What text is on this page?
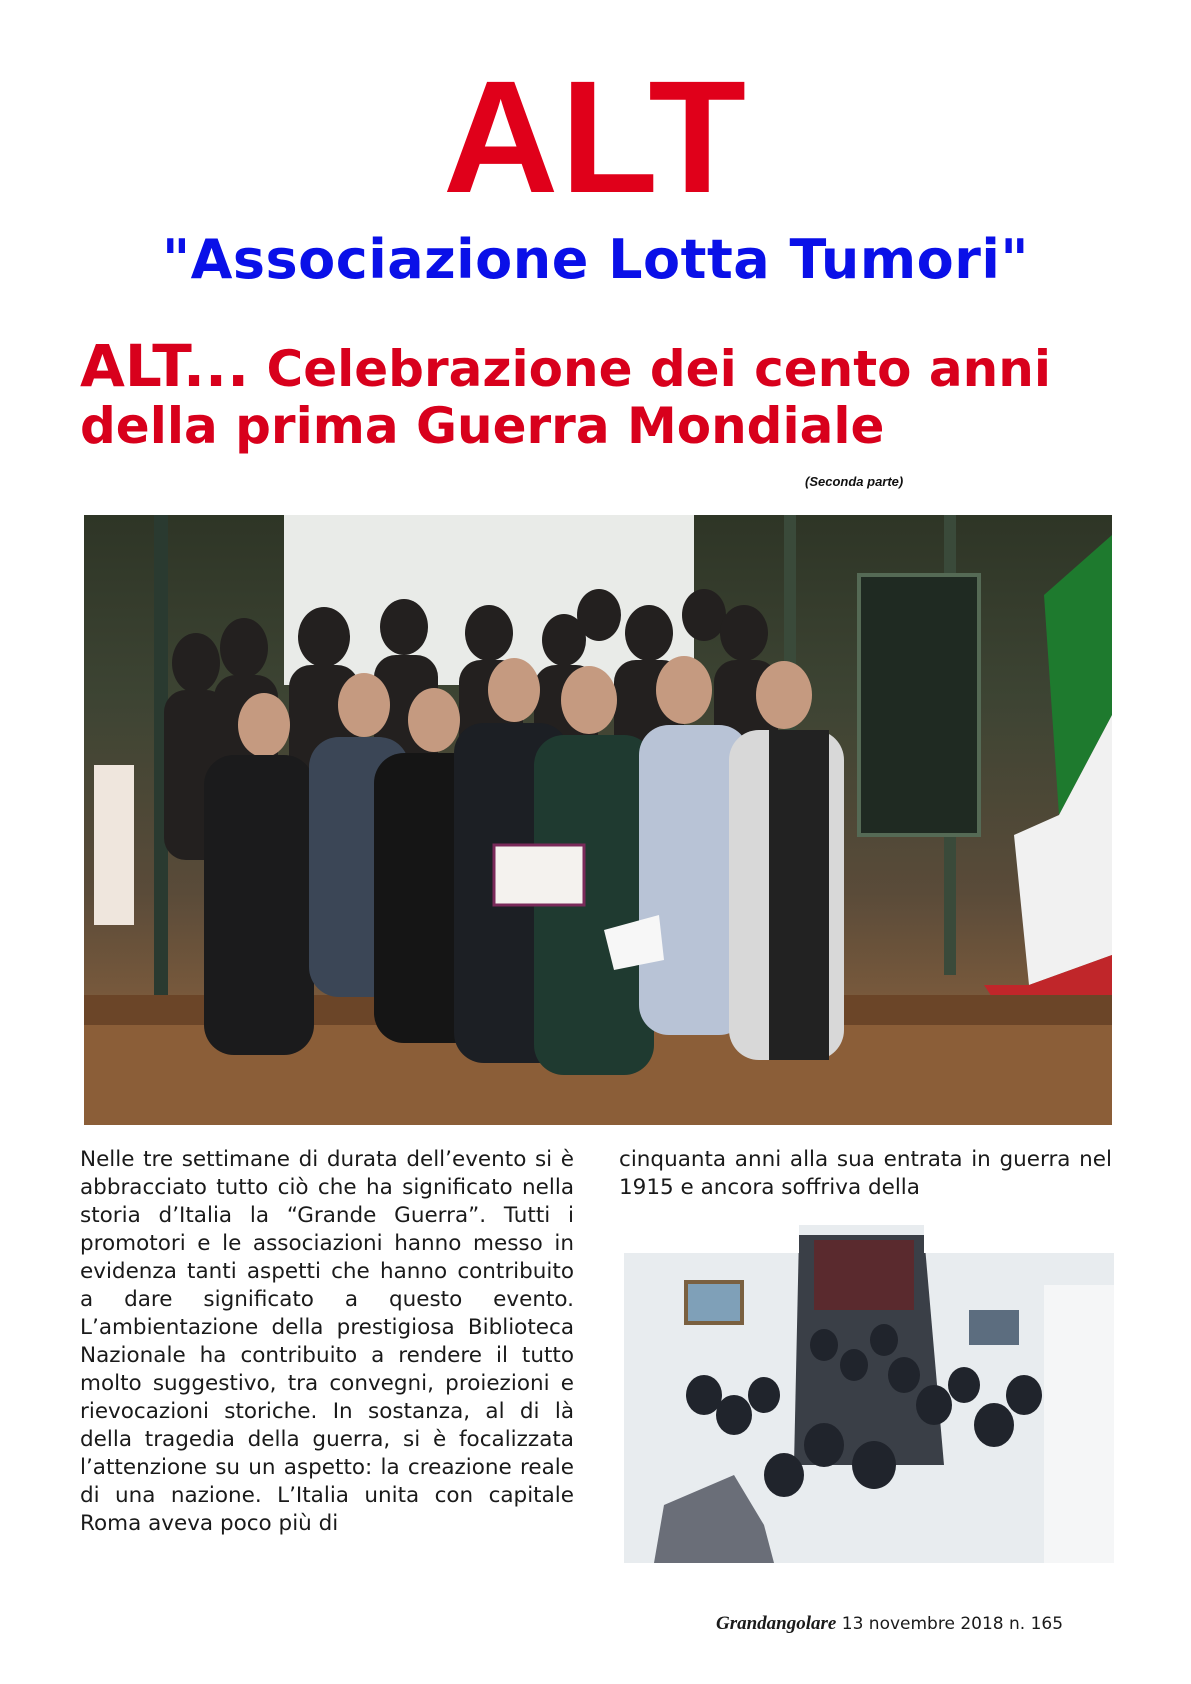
ALT
"Associazione Lotta Tumori"
ALT... Celebrazione dei cento anni della prima Guerra Mondiale
(Seconda parte)
Nelle tre settimane di durata dell’evento si è abbracciato tutto ciò che ha significato nella storia d’Italia la “Grande Guerra”. Tutti i promotori e le associazioni hanno messo in evidenza tanti aspetti che hanno contribuito a dare significato a questo evento. L’ambientazione della prestigiosa Biblioteca Nazionale ha contribuito a rendere il tutto molto suggestivo, tra convegni, proiezioni e rievocazioni storiche. In sostanza, al di là della tragedia della guerra, si è focalizzata l’attenzione su un aspetto: la creazione reale di una nazione. L’Italia unita con capitale Roma aveva poco più di
cinquanta anni alla sua entrata in guerra nel 1915 e ancora soffriva della
Grandangolare 13 novembre 2018 n. 165
